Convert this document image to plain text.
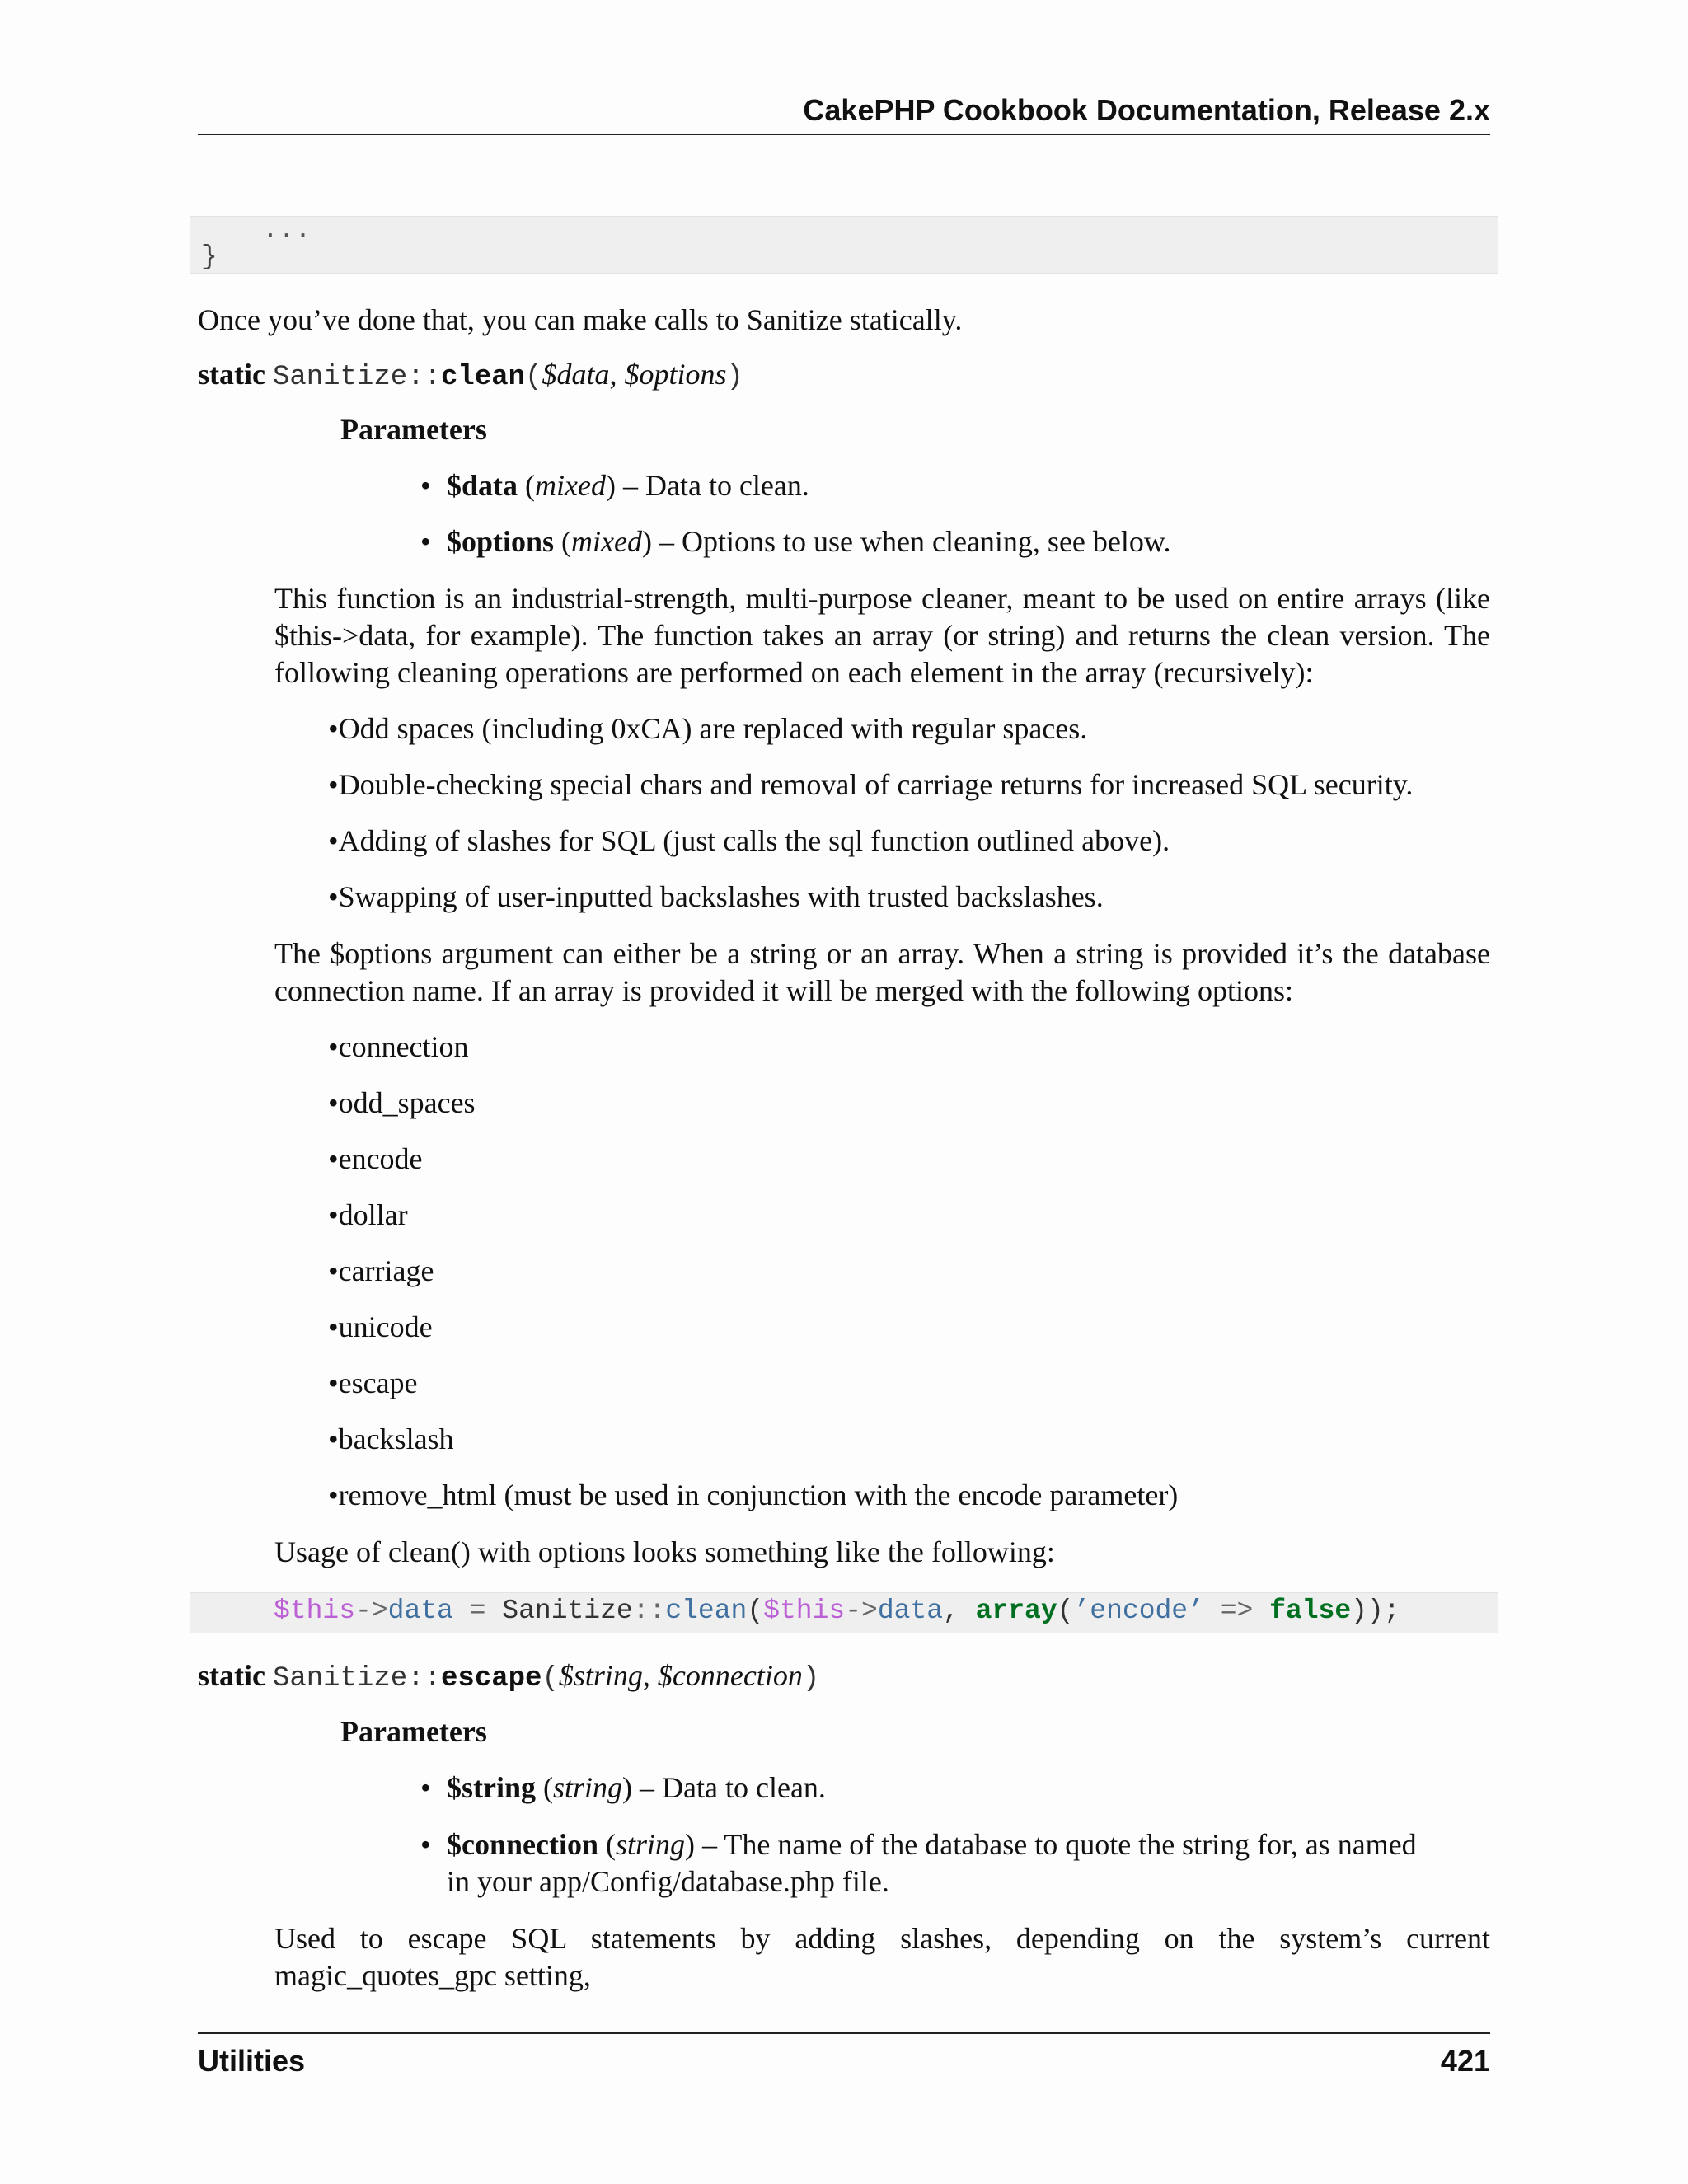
CakePHP Cookbook Documentation, Release 2.x

...

}

Once you’ve done that, you can make calls to Sanitize statically.
static Sanitize::clean($data, $options)
Parameters
• $data (mixed) – Data to clean.
• $options (mixed) – Options to use when cleaning, see below.
This function is an industrial-strength, multi-purpose cleaner, meant to be used on entire arrays (like
$this->data, for example). The function takes an array (or string) and returns the clean version. The
following cleaning operations are performed on each element in the array (recursively):
•Odd spaces (including 0xCA) are replaced with regular spaces.
•Double-checking special chars and removal of carriage returns for increased SQL security.
•Adding of slashes for SQL (just calls the sql function outlined above).
•Swapping of user-inputted backslashes with trusted backslashes.
The $options argument can either be a string or an array. When a string is provided it’s the database
connection name. If an array is provided it will be merged with the following options:
•connection
•odd_spaces
•encode
•dollar
•carriage
•unicode
•escape
•backslash
•remove_html (must be used in conjunction with the encode parameter)
Usage of clean() with options looks something like the following:

$this->data = Sanitize::clean($this->data, array(’encode’ => false));

static Sanitize::escape($string, $connection)
Parameters
• $string (string) – Data to clean.
• $connection (string) – The name of the database to quote the string for, as named
in your app/Config/database.php file.
Used to escape SQL statements by adding slashes, depending on the system’s current
magic_quotes_gpc setting,
Utilities	421
